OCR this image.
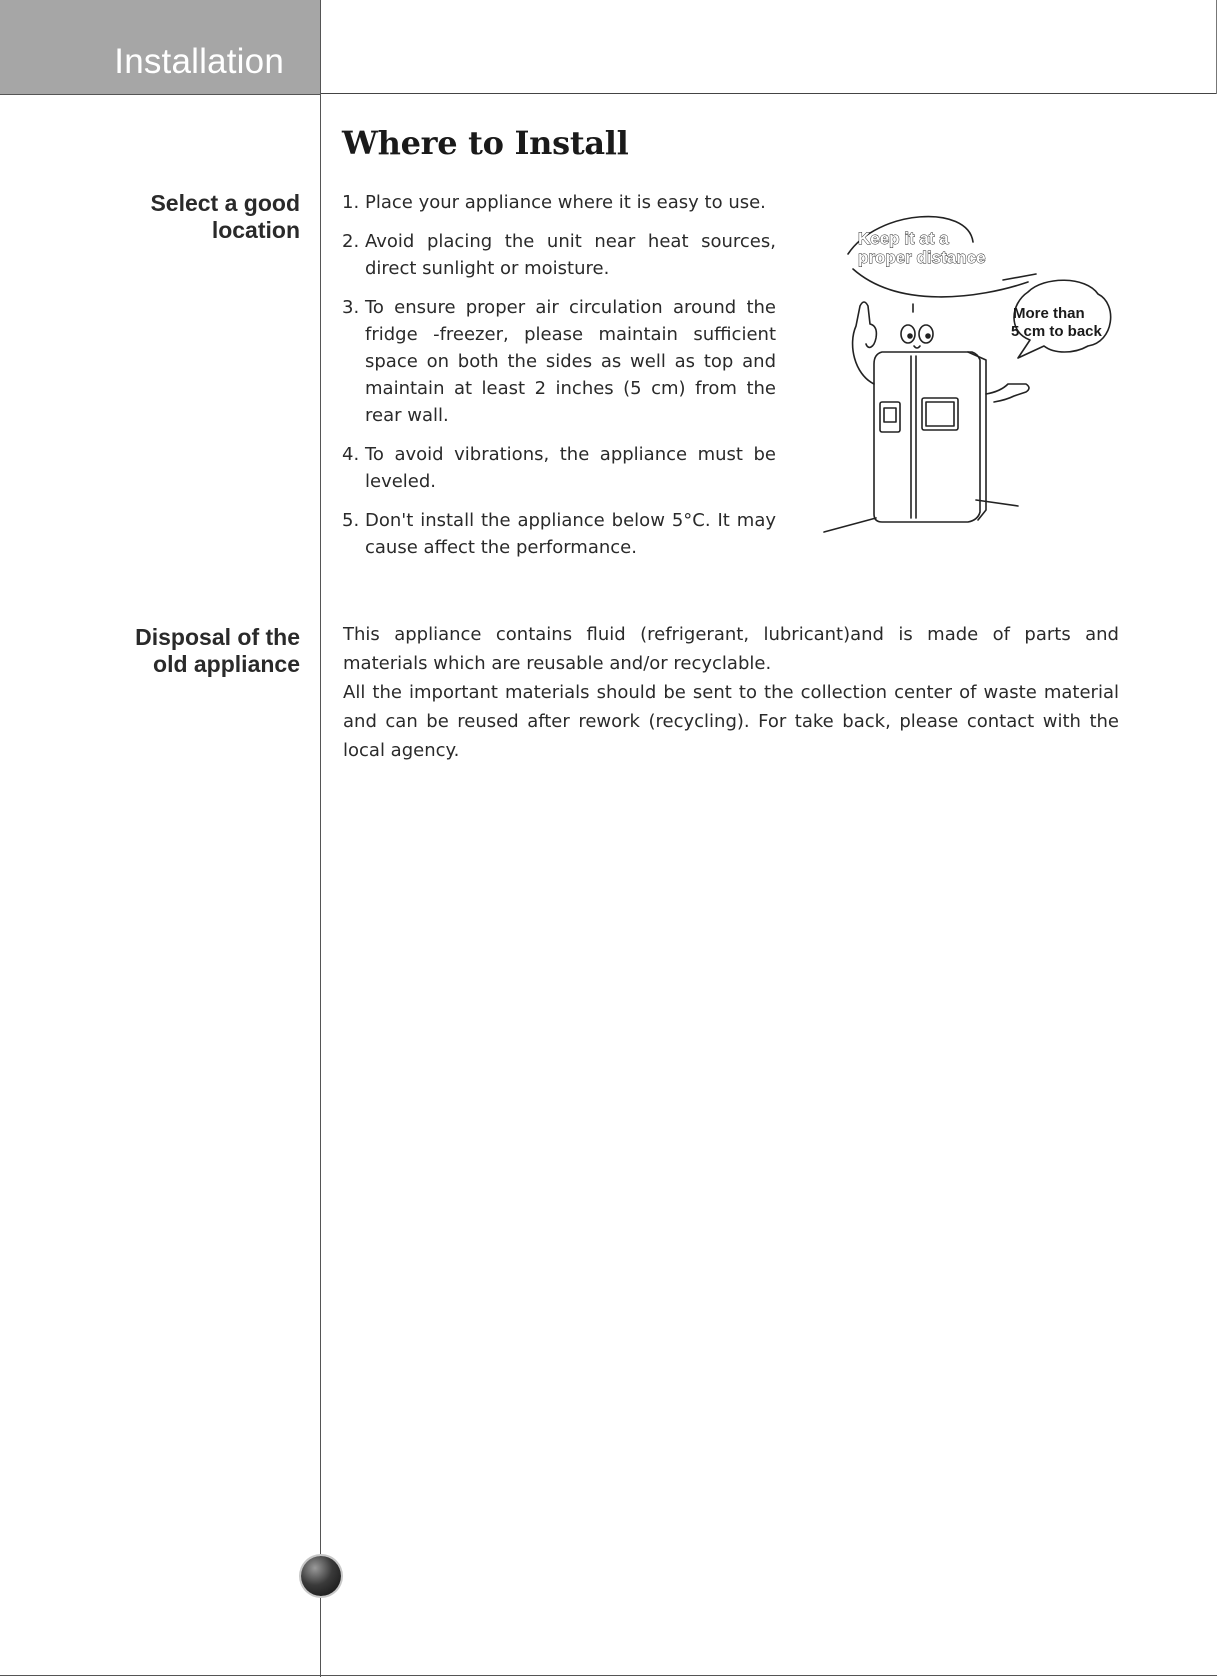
Installation
Where to Install
Select a good
location
1. Place your appliance where it is easy to use.
2. Avoid placing the unit near heat sources, direct sunlight or moisture.
3. To ensure proper air circulation around the fridge -freezer, please maintain sufficient space on both the sides as well as top and maintain at least 2 inches (5 cm) from the rear wall.
4. To avoid vibrations, the appliance must be leveled.
5. Don't install the appliance below 5°C. It may cause affect the performance.
Keep it at a
proper distance
More than
5 cm to back
Disposal of the
old appliance

This appliance contains fluid (refrigerant, lubricant)and is made of parts and materials which are reusable and/or recyclable.

All the important materials should be sent to the collection center of waste material and can be reused after rework (recycling). For take back, please contact with the local agency.
